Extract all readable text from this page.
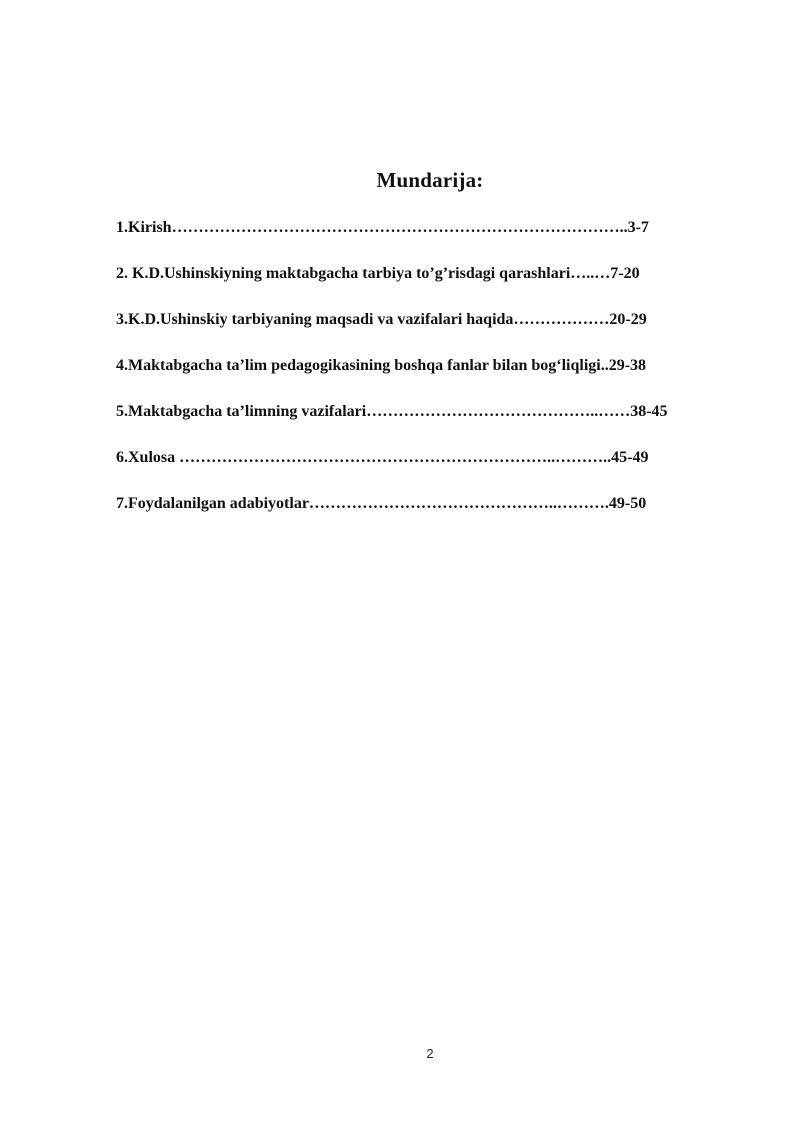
Mundarija:
1.Kirish…………………………………………………………………………..3-7
2. K.D.Ushinskiyning maktabgacha tarbiya to’g’risdagi qarashlari…..…7-20
3.K.D.Ushinskiy tarbiyaning maqsadi va vazifalari haqida………………20-29
4.Maktabgacha ta’lim pedagogikasining boshqa fanlar bilan bog‘liqligi..29-38
5.Maktabgacha ta’limning vazifalari……………………………………..……38-45
6.Xulosa ……………………………………………………………..………..45-49
7.Foydalanilgan adabiyotlar………………………………………..……….49-50
2
